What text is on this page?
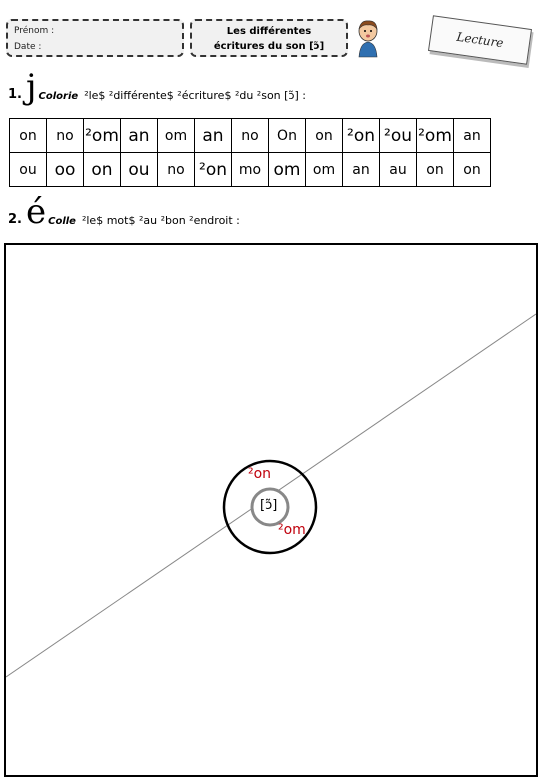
Prénom :
Date :
Les différentes
écritures du son [ɔ̃]	Lecture
1. j Colorie ²le$ ²différente$ ²écriture$ ²du ²son [ɔ̃] :
on	no	²om	an	om	an	no	On	on	²on	²ou	²om	an
ou	oo	on	ou	no	²on	mo	om	om	an	au	on	on
2. é Colle ²le$ mot$ ²au ²bon ²endroit :
²on
²om
[ɔ̃]
